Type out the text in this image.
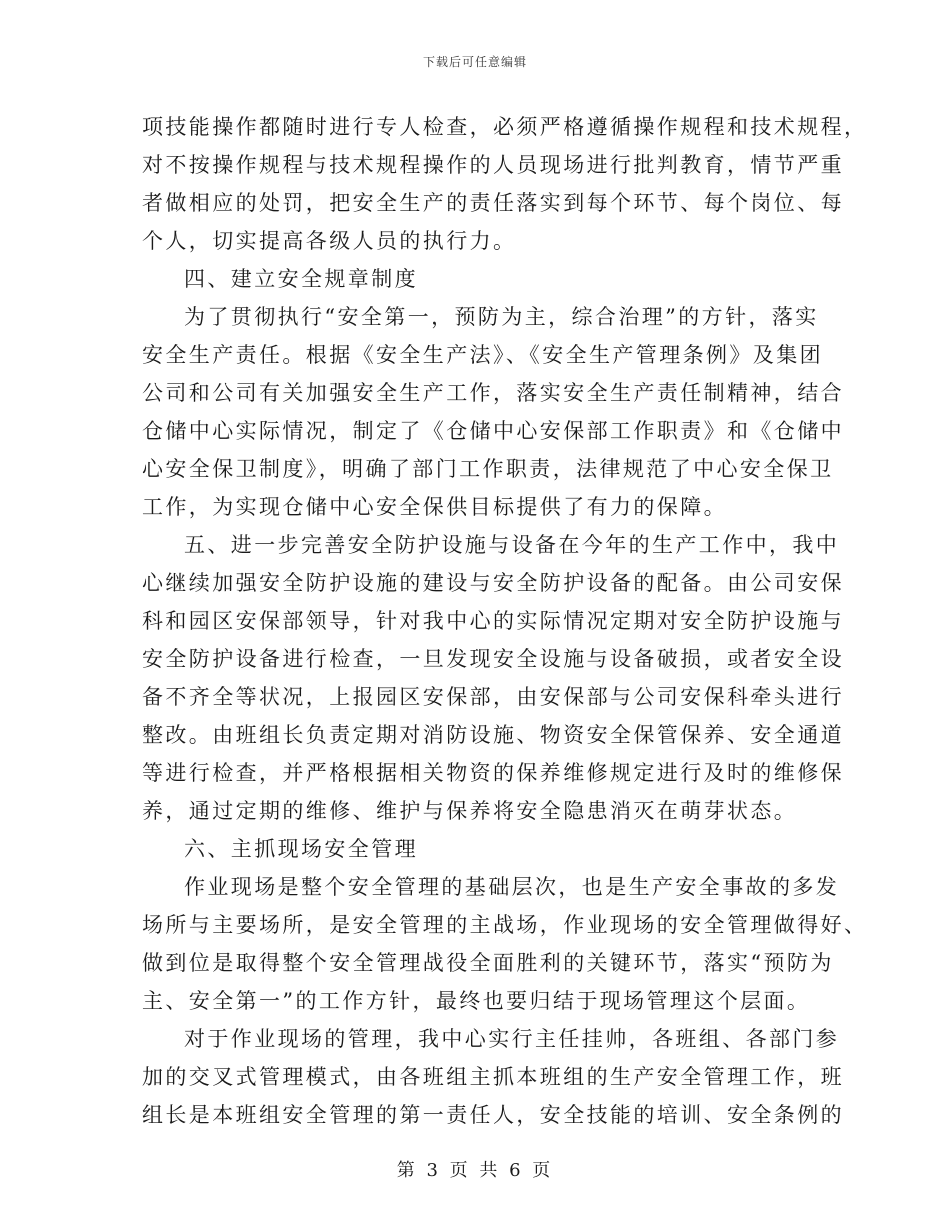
下载后可任意编辑
项技能操作都随时进行专人检查，必须严格遵循操作规程和技术规程，
对不按操作规程与技术规程操作的人员现场进行批判教育，情节严重
者做相应的处罚，把安全生产的责任落实到每个环节、每个岗位、每
个人，切实提高各级人员的执行力。
四、建立安全规章制度
为了贯彻执行“安全第一，预防为主，综合治理”的方针，落实
安全生产责任。根据《安全生产法》、《安全生产管理条例》及集团
公司和公司有关加强安全生产工作，落实安全生产责任制精神，结合
仓储中心实际情况，制定了《仓储中心安保部工作职责》和《仓储中
心安全保卫制度》，明确了部门工作职责，法律规范了中心安全保卫
工作，为实现仓储中心安全保供目标提供了有力的保障。
五、进一步完善安全防护设施与设备在今年的生产工作中，我中
心继续加强安全防护设施的建设与安全防护设备的配备。由公司安保
科和园区安保部领导，针对我中心的实际情况定期对安全防护设施与
安全防护设备进行检查，一旦发现安全设施与设备破损，或者安全设
备不齐全等状况，上报园区安保部，由安保部与公司安保科牵头进行
整改。由班组长负责定期对消防设施、物资安全保管保养、安全通道
等进行检查，并严格根据相关物资的保养维修规定进行及时的维修保
养，通过定期的维修、维护与保养将安全隐患消灭在萌芽状态。
六、主抓现场安全管理
作业现场是整个安全管理的基础层次，也是生产安全事故的多发
场所与主要场所，是安全管理的主战场，作业现场的安全管理做得好、
做到位是取得整个安全管理战役全面胜利的关键环节，落实“预防为
主、安全第一”的工作方针，最终也要归结于现场管理这个层面。
对于作业现场的管理，我中心实行主任挂帅，各班组、各部门参
加的交叉式管理模式，由各班组主抓本班组的生产安全管理工作，班
组长是本班组安全管理的第一责任人，安全技能的培训、安全条例的
第 3 页 共 6 页
